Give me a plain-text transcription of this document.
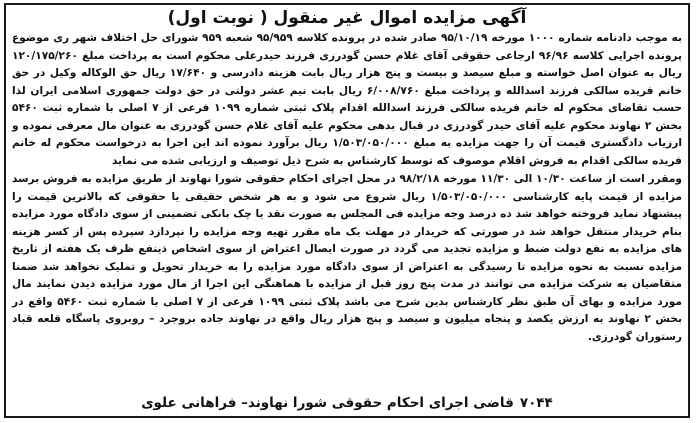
آگهی مزایده اموال غیر منقول ( نوبت اول)

به موجب دادنامه شماره ۱۰۰۰ مورخه ۹۵/۱۰/۱۹ صادر شده در پرونده کلاسه ۹۵/۹۵۹ شعبه ۹۵۹ شورای حل اختلاف شهر ری موضوع پرونده اجرایی کلاسه ۹۶/۹۶ ارجاعی حقوقی آقای غلام حسن گودرزی فرزند حیدرعلی محکوم است به پرداخت مبلغ ۱۲۰/۱۷۵/۲۶۰ ریال به عنوان اصل خواسته و مبلغ سیصد و بیست و پنج هزار ریال بابت هزینه دادرسی و ۱۷/۶۴۰ ریال حق الوکاله وکیل در حق خانم فریده سالکی فرزند اسدالله و پرداخت مبلغ ۶/۰۰۸/۷۶۰ ریال بابت نیم عشر دولتی در حق دولت جمهوری اسلامی ایران لذا حسب تقاضای محکوم له خانم فریده سالکی فرزند اسدالله اقدام پلاک ثبتی شماره ۱۰۹۹ فرعی از ۷ اصلی با شماره ثبت ۵۴۶۰ بخش ۲ نهاوند محکوم علیه آقای حیدر گودرزی در قبال بدهی محکوم علیه آقای غلام حسن گودرزی به عنوان مال معرفی نموده و ارزیاب دادگستری قیمت آن را جهت مزایده به مبلغ ۱/۵۰۳/۰۵۰/۰۰۰ ریال برآورد نموده اند این اجرا به درخواست محکوم له خانم فریده سالکی اقدام به فروش اقلام موصوف که توسط کارشناس به شرح ذیل توصیف و ارزیابی شده می نماید

ومقرر است از ساعت ۱۰/۳۰ الی ۱۱/۳۰ مورخه ۹۸/۲/۱۸ در محل اجرای احکام حقوقی شورا نهاوند از طریق مزایده به فروش برسد مزایده از قیمت پایه کارشناسی ۱/۵۰۳/۰۵۰/۰۰۰ ریال شروع می شود و به هر شخص حقیقی یا حقوقی که بالاترین قیمت را پیشنهاد نماید فروخته خواهد شد ده درصد وجه مزایده فی المجلس به صورت نقد یا چک بانکی تضمینی از سوی دادگاه مورد مزایده بنام خریدار منتقل خواهد شد در صورتی که خریدار در مهلت یک ماه مقرر تهیه وجه مزایده را نپردازد سپرده پس از کسر هزینه های مزایده به نفع دولت ضبط و مزایده تجدید می گردد در صورت ایصال اعتراض از سوی اشخاص ذینفع ظرف یک هفته از تاریخ مزایده نسبت به نحوه مزایده تا رسیدگی به اعتراض از سوی دادگاه مورد مزایده را به خریدار تحویل و تملیک نخواهد شد ضمنا متقاضیان به شرکت مزایده می توانند در مدت پنج روز قبل از مزایده با هماهنگی این اجرا از مال مورد مزایده دیدن نمایند مال مورد مزایده و بهای آن طبق نظر کارشناس بدین شرح می باشد پلاک ثبتی ۱۰۹۹ فرعی از ۷ اصلی با شماره ثبت ۵۴۶۰ واقع در بخش ۲ نهاوند به ارزش یکصد و پنجاه میلیون و سیصد و پنج هزار ریال واقع در نهاوند جاده بروجرد – روبروی پاسگاه قلعه قباد رستوران گودرزی.

۷۰۴۴قاضی اجرای احکام حقوقی شورا نهاوند– فراهانی علوی
